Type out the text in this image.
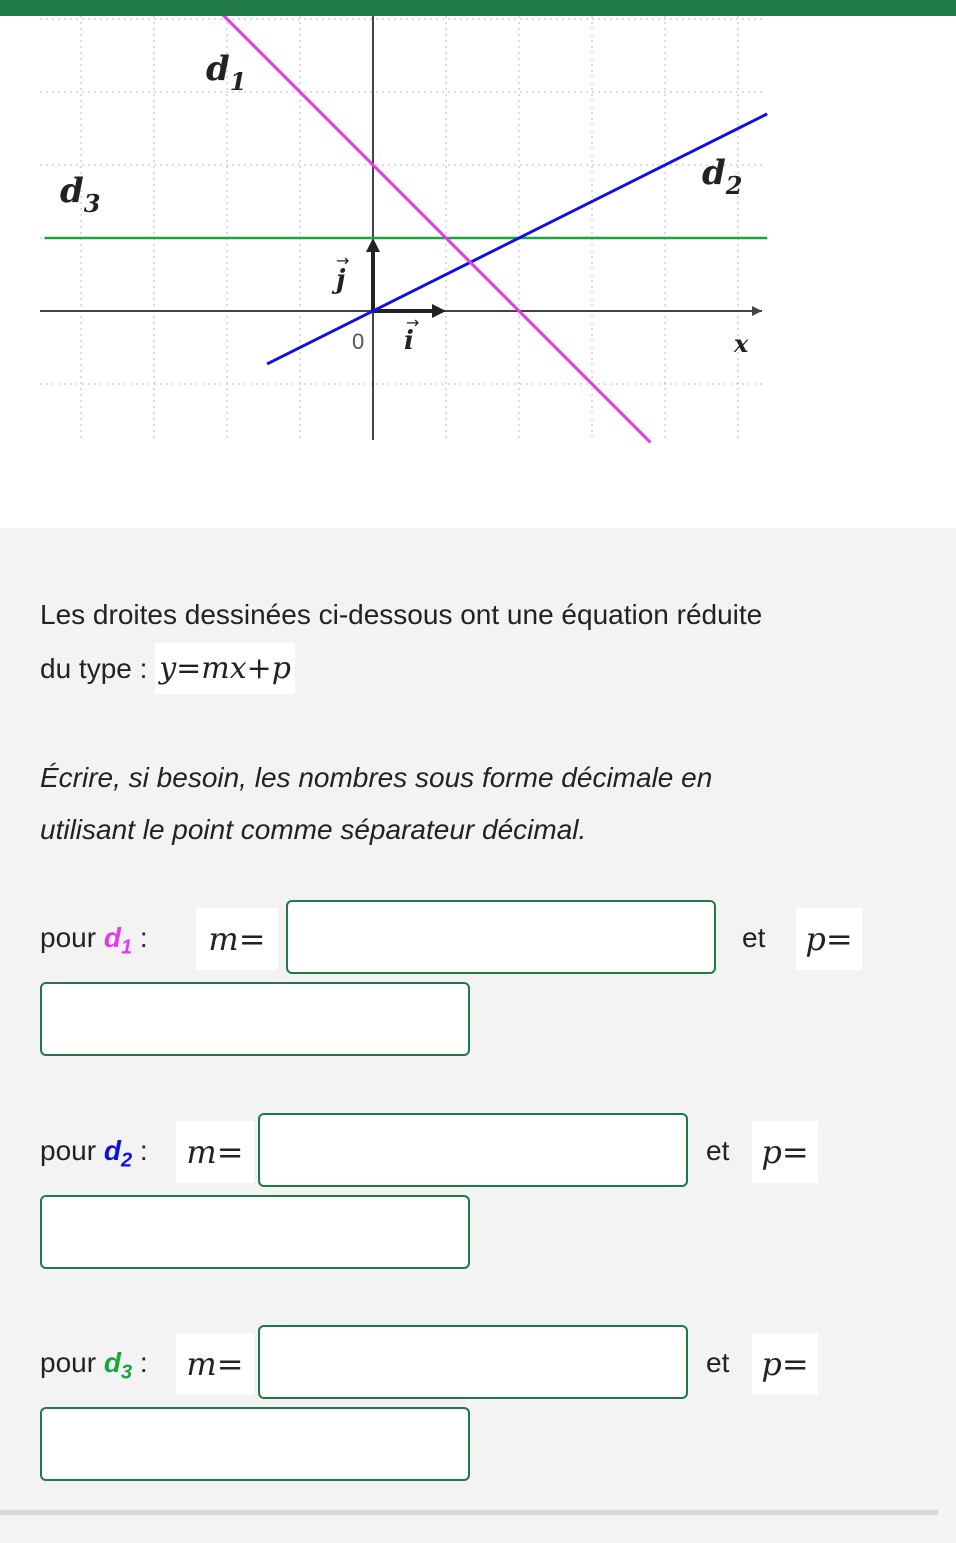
$d_1$
$d_2$
$d_3$
0 i
→
j
→
x
Les droites dessinées ci-dessous ont une équation réduite
du type : y=mx+p
Écrire, si besoin, les nombres sous forme décimale en
utilisant le point comme séparateur décimal.
pour $d_1$ :	m=	et p=
pour $d_2$ :	m=	et p=
pour $d_3$ :	m=	et p=
